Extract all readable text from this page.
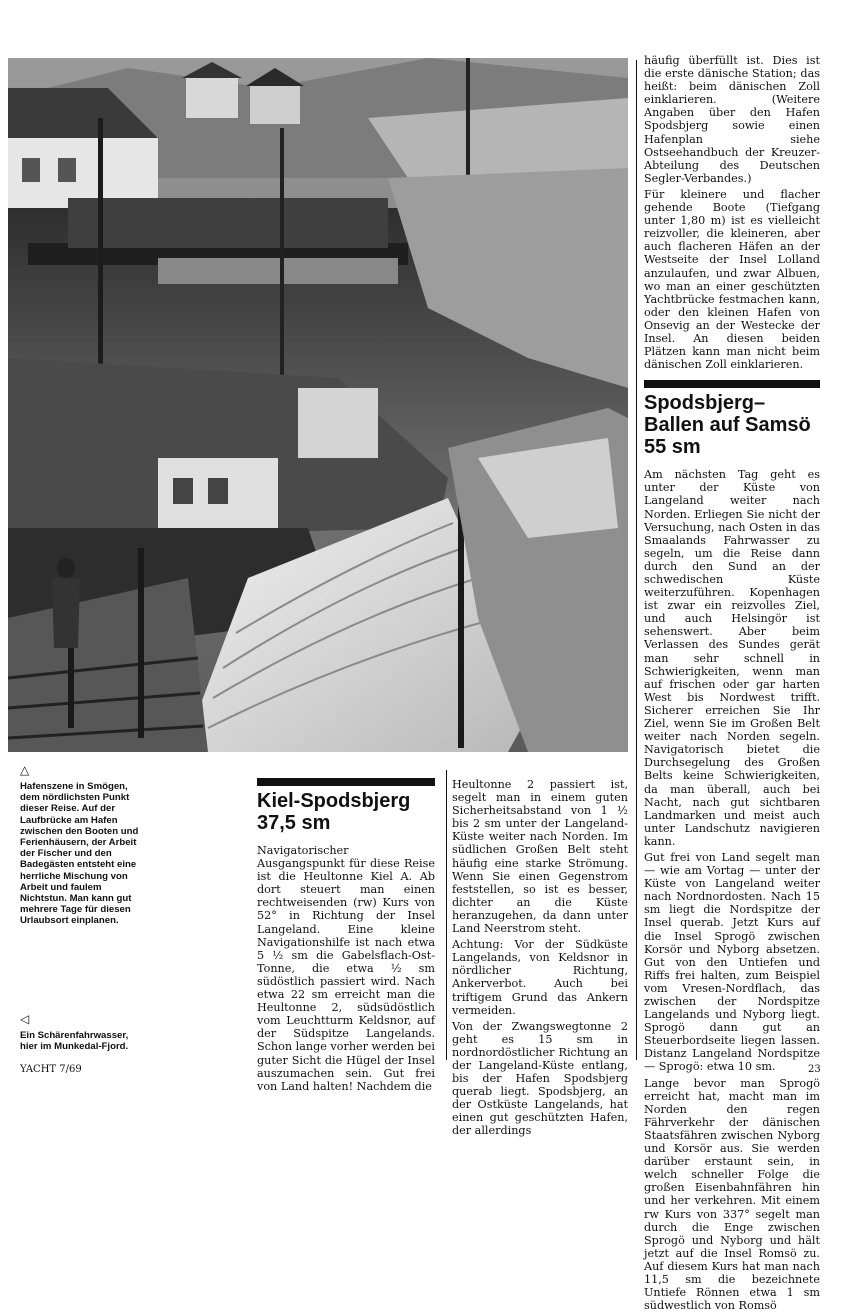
△
Hafenszene in Smögen, dem nördlichsten Punkt dieser Reise. Auf der Laufbrücke am Hafen zwischen den Booten und Ferienhäusern, der Arbeit der Fischer und den Badegästen entsteht eine herrliche Mischung von Arbeit und faulem Nichtstun. Man kann gut mehrere Tage für diesen Urlaubsort einplanen.
◁
Ein Schärenfahrwasser, hier im Munkedal-Fjord.
Kiel-Spodsbjerg 37,5 sm

Navigatorischer Ausgangspunkt für diese Reise ist die Heultonne Kiel A. Ab dort steuert man einen rechtweisenden (rw) Kurs von 52° in Richtung der Insel Langeland. Eine kleine Navigationshilfe ist nach etwa 5 ½ sm die Gabelsflach-Ost-Tonne, die etwa ½ sm südöstlich passiert wird. Nach etwa 22 sm erreicht man die Heultonne 2, südsüdöstlich vom Leuchtturm Keldsnor, auf der Südspitze Langelands. Schon lange vorher werden bei guter Sicht die Hügel der Insel auszumachen sein. Gut frei von Land halten! Nachdem die

Heultonne 2 passiert ist, segelt man in einem guten Sicherheitsabstand von 1 ½ bis 2 sm unter der Langeland-Küste weiter nach Norden. Im südlichen Großen Belt steht häufig eine starke Strömung. Wenn Sie einen Gegenstrom feststellen, so ist es besser, dichter an die Küste heranzugehen, da dann unter Land Neerstrom steht.

Achtung: Vor der Südküste Langelands, von Keldsnor in nördlicher Richtung, Ankerverbot. Auch bei triftigem Grund das Ankern vermeiden.

Von der Zwangswegtonne 2 geht es 15 sm in nordnordöstlicher Richtung an der Langeland-Küste entlang, bis der Hafen Spodsbjerg querab liegt. Spodsbjerg, an der Ostküste Langelands, hat einen gut geschützten Hafen, der allerdings

häufig überfüllt ist. Dies ist die erste dänische Station; das heißt: beim dänischen Zoll einklarieren. (Weitere Angaben über den Hafen Spodsbjerg sowie einen Hafenplan siehe Ostseehandbuch der Kreuzer-Abteilung des Deutschen Segler-Verbandes.)

Für kleinere und flacher gehende Boote (Tiefgang unter 1,80 m) ist es vielleicht reizvoller, die kleineren, aber auch flacheren Häfen an der Westseite der Insel Lolland anzulaufen, und zwar Albuen, wo man an einer geschützten Yachtbrücke festmachen kann, oder den kleinen Hafen von Onsevig an der Westecke der Insel. An diesen beiden Plätzen kann man nicht beim dänischen Zoll einklarieren.

Spodsbjerg–Ballen auf Samsö 55 sm

Am nächsten Tag geht es unter der Küste von Langeland weiter nach Norden. Erliegen Sie nicht der Versuchung, nach Osten in das Smaalands Fahrwasser zu segeln, um die Reise dann durch den Sund an der schwedischen Küste weiterzuführen. Kopenhagen ist zwar ein reizvolles Ziel, und auch Helsingör ist sehenswert. Aber beim Verlassen des Sundes gerät man sehr schnell in Schwierigkeiten, wenn man auf frischen oder gar harten West bis Nordwest trifft. Sicherer erreichen Sie Ihr Ziel, wenn Sie im Großen Belt weiter nach Norden segeln. Navigatorisch bietet die Durchsegelung des Großen Belts keine Schwierigkeiten, da man überall, auch bei Nacht, nach gut sichtbaren Landmarken und meist auch unter Landschutz navigieren kann.

Gut frei von Land segelt man — wie am Vortag — unter der Küste von Langeland weiter nach Nordnordosten. Nach 15 sm liegt die Nordspitze der Insel querab. Jetzt Kurs auf die Insel Sprogö zwischen Korsör und Nyborg absetzen. Gut von den Untiefen und Riffs frei halten, zum Beispiel vom Vresen-Nordflach, das zwischen der Nordspitze Langelands und Nyborg liegt. Sprogö dann gut an Steuerbordseite liegen lassen. Distanz Langeland Nordspitze — Sprogö: etwa 10 sm.

Lange bevor man Sprogö erreicht hat, macht man im Norden den regen Fährverkehr der dänischen Staatsfähren zwischen Nyborg und Korsör aus. Sie werden darüber erstaunt sein, in welch schneller Folge die großen Eisenbahnfähren hin und her verkehren. Mit einem rw Kurs von 337° segelt man durch die Enge zwischen Sprogö und Nyborg und hält jetzt auf die Insel Romsö zu. Auf diesem Kurs hat man nach 11,5 sm die bezeichnete Untiefe Rönnen etwa 1 sm südwestlich von Romsö

YACHT 7/69	23
